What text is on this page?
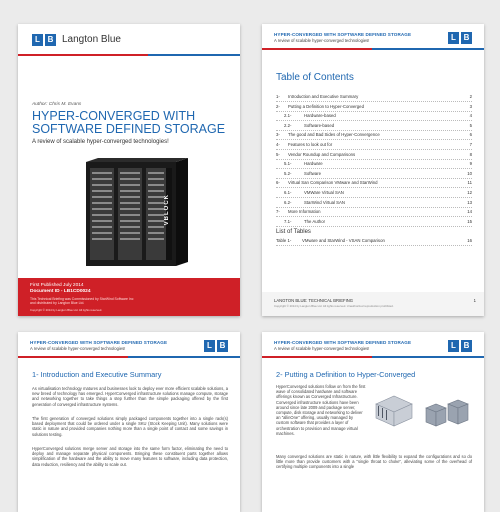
L B Langton Blue
Author: Chris M. Evans
HYPER-CONVERGED WITH
SOFTWARE DEFINED STORAGE
A review of scalable hyper-converged technologies!
VBLOCK
First Published July 2014
Document ID - LB1CD0024
This Technical Briefing was Commissioned by StarWind Software Inc
and distributed by Langton Blue Ltd.
Copyright © 2014 by Langton Blue Ltd. All rights reserved.
HYPER-CONVERGED WITH SOFTWARE DEFINED STORAGE
A review of scalable hyper-converged technologies!	L B
Table of Contents
List of Tables
Table 1- VMware and StarWind - VSAN Comparison	16
LANGTON BLUE: TECHNICAL BRIEFING
Copyright © 2014 by Langton Blue Ltd. All rights reserved. Unauthorized reproduction prohibited.
1
1- Introduction and Executive Summary	2
2- Putting a Definition to Hyper-Converged	3
2.1-	Hardware-based	4
2.2-	Software-based	5
3- The good and Bad Sides of Hyper-Convergence	6
4- Features to look out for	7
5- Vendor Roundup and Comparisons	8
5.1-	Hardware	9
5.2-	Software	10
6- Virtual San Comparison VMware and StarWind	11
6.1-	VMWare Virtual SAN	12
6.2-	StarWind Virtual SAN	13
7- More Information	14
7.1-	The Author	15
HYPER-CONVERGED WITH SOFTWARE DEFINED STORAGE
A review of scalable hyper-converged technologies!	L B
1- Introduction and Executive Summary
As virtualisation technology matures and businesses look to deploy ever more efficient scalable solutions, a new breed of technology has emerged. HyperConverged infrastructure solutions manage compute, storage and networking together to take things a step further than the simple packaging offered by the first generation of converged infrastructure systems.
The first generation of converged solutions simply packaged components together into a single rack(s) based deployment that could be ordered under a single SKU (Stock Keeping Unit). Many solutions were static in nature and provided companies nothing more than a single point of contact and some savings in solutions testing.
HyperConverged solutions merge server and storage into the same form factor, eliminating the need to deploy and manage separate physical components. Bringing these constituent parts together allows simplification of the hardware and the ability to move many features to software, including data protection, data reduction, resiliency and the ability to scale out.
HYPER-CONVERGED WITH SOFTWARE DEFINED STORAGE
A review of scalable hyper-converged technologies!	L B
2- Putting a Definition to Hyper-Converged
HyperConverged solutions follow on from the first wave of consolidated hardware and software offerings known as Converged Infrastructure. Converged infrastructure solutions have been around since late 2009 and package server, compute, disk storage and networking to deliver an "allinOne" offering, usually managed by custom software that provides a layer of orchestration to provision and manage virtual machines.
Many converged solutions are static in nature, with little flexibility to expand the configurations and so do little more than provide customers with a "single throat to choke", alleviating some of the overhead of certifying multiple components into a single
